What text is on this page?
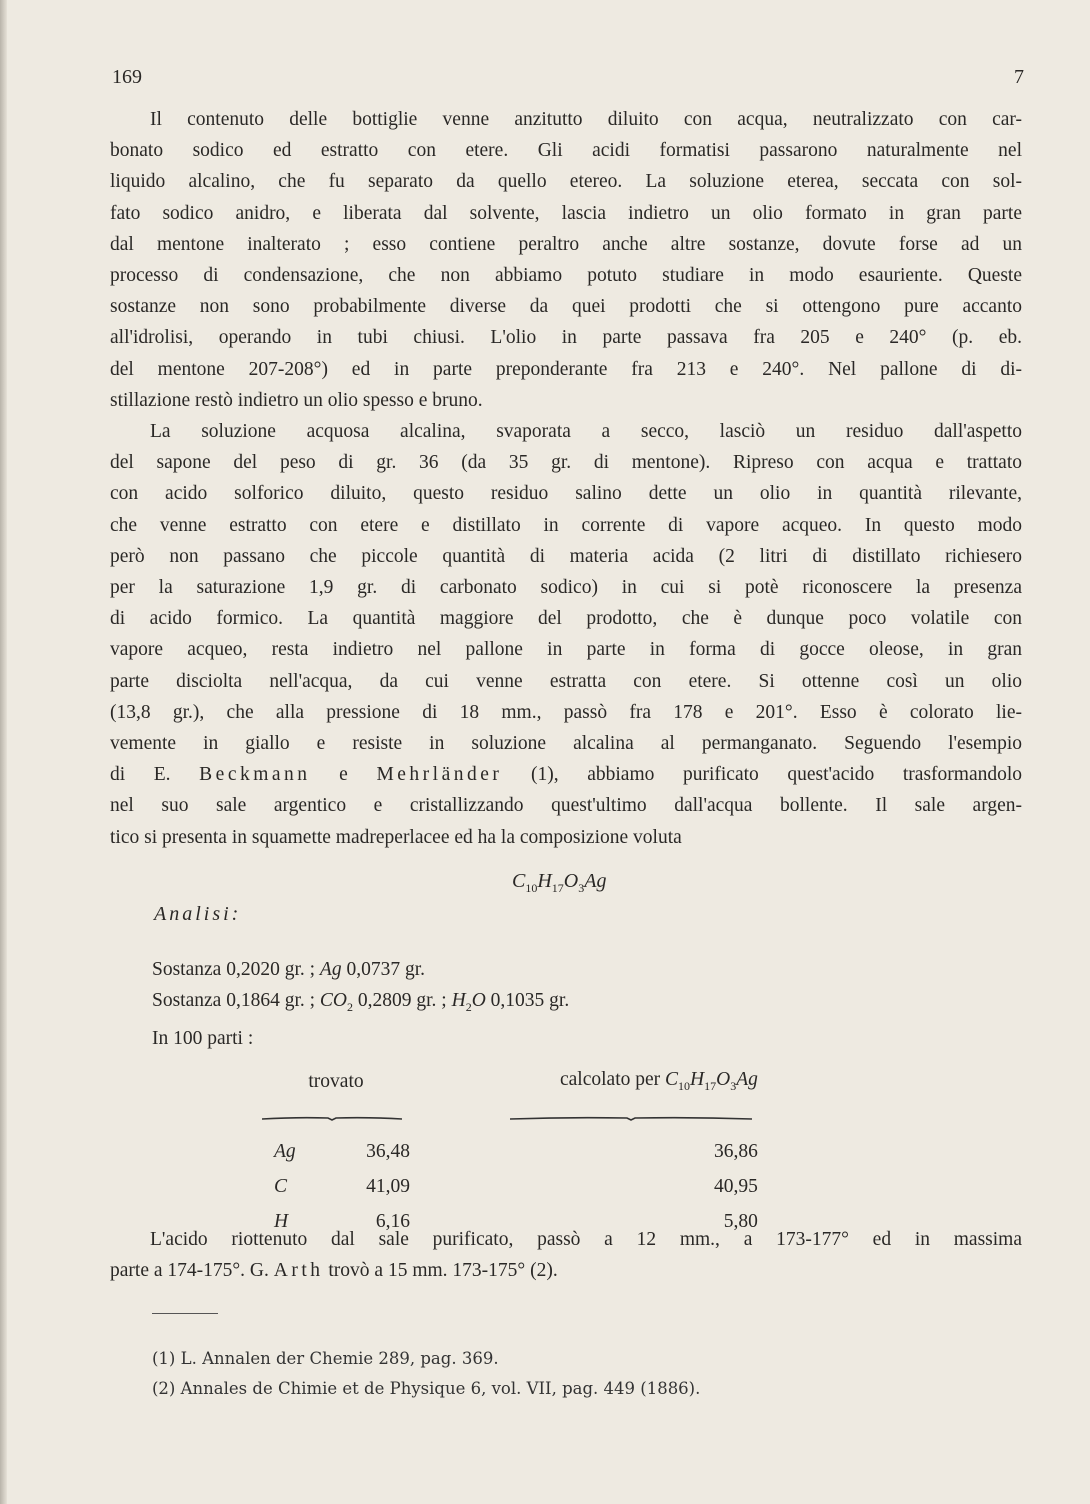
169	7
Il contenuto delle bottiglie venne anzitutto diluito con acqua, neutralizzato con car-
bonato sodico ed estratto con etere. Gli acidi formatisi passarono naturalmente nel
liquido alcalino, che fu separato da quello etereo. La soluzione eterea, seccata con sol-
fato sodico anidro, e liberata dal solvente, lascia indietro un olio formato in gran parte
dal mentone inalterato ; esso contiene peraltro anche altre sostanze, dovute forse ad un
processo di condensazione, che non abbiamo potuto studiare in modo esauriente. Queste
sostanze non sono probabilmente diverse da quei prodotti che si ottengono pure accanto
all'idrolisi, operando in tubi chiusi. L'olio in parte passava fra 205 e 240° (p. eb.
del mentone 207-208°) ed in parte preponderante fra 213 e 240°. Nel pallone di di-
stillazione restò indietro un olio spesso e bruno.
La soluzione acquosa alcalina, svaporata a secco, lasciò un residuo dall'aspetto
del sapone del peso di gr. 36 (da 35 gr. di mentone). Ripreso con acqua e trattato
con acido solforico diluito, questo residuo salino dette un olio in quantità rilevante,
che venne estratto con etere e distillato in corrente di vapore acqueo. In questo modo
però non passano che piccole quantità di materia acida (2 litri di distillato richiesero
per la saturazione 1,9 gr. di carbonato sodico) in cui si potè riconoscere la presenza
di acido formico. La quantità maggiore del prodotto, che è dunque poco volatile con
vapore acqueo, resta indietro nel pallone in parte in forma di gocce oleose, in gran
parte disciolta nell'acqua, da cui venne estratta con etere. Si ottenne così un olio
(13,8 gr.), che alla pressione di 18 mm., passò fra 178 e 201°. Esso è colorato lie-
vemente in giallo e resiste in soluzione alcalina al permanganato. Seguendo l'esempio
di E. Beckmann e Mehrländer (1), abbiamo purificato quest'acido trasformandolo
nel suo sale argentico e cristallizzando quest'ultimo dall'acqua bollente. Il sale argen-
tico si presenta in squamette madreperlacee ed ha la composizione voluta
$C_{10}H_{17}O_3Ag$
Analisi:
Sostanza 0,2020 gr. ; Ag 0,0737 gr.
Sostanza 0,1864 gr. ; $CO_2$ 0,2809 gr. ; $H_2O$ 0,1035 gr.
In 100 parti :
trovato		calcolato per $C_{10}H_{17}O_3Ag$

Ag	36,48	36,86
C	41,09	40,95
H	6,16	5,80
L'acido riottenuto dal sale purificato, passò a 12 mm., a 173-177° ed in massima
parte a 174-175°. G. Arth trovò a 15 mm. 173-175° (2).
(1) L. Annalen der Chemie 289, pag. 369.
(2) Annales de Chimie et de Physique 6, vol. VII, pag. 449 (1886).
